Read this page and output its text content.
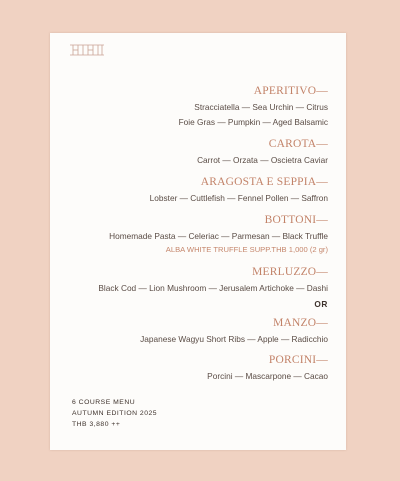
APERITIVO—
Stracciatella — Sea Urchin — Citrus
Foie Gras — Pumpkin — Aged Balsamic
CAROTA—
Carrot — Orzata — Oscietra Caviar
ARAGOSTA E SEPPIA—
Lobster — Cuttlefish — Fennel Pollen — Saffron
BOTTONI—
Homemade Pasta — Celeriac — Parmesan — Black Truffle
ALBA WHITE TRUFFLE SUPP.THB 1,000 (2 gr)
MERLUZZO—
Black Cod — Lion Mushroom — Jerusalem Artichoke — Dashi
OR
MANZO—
Japanese Wagyu Short Ribs — Apple — Radicchio
PORCINI—
Porcini — Mascarpone — Cacao
6 COURSE MENU
AUTUMN EDITION 2025
THB 3,880 ++
